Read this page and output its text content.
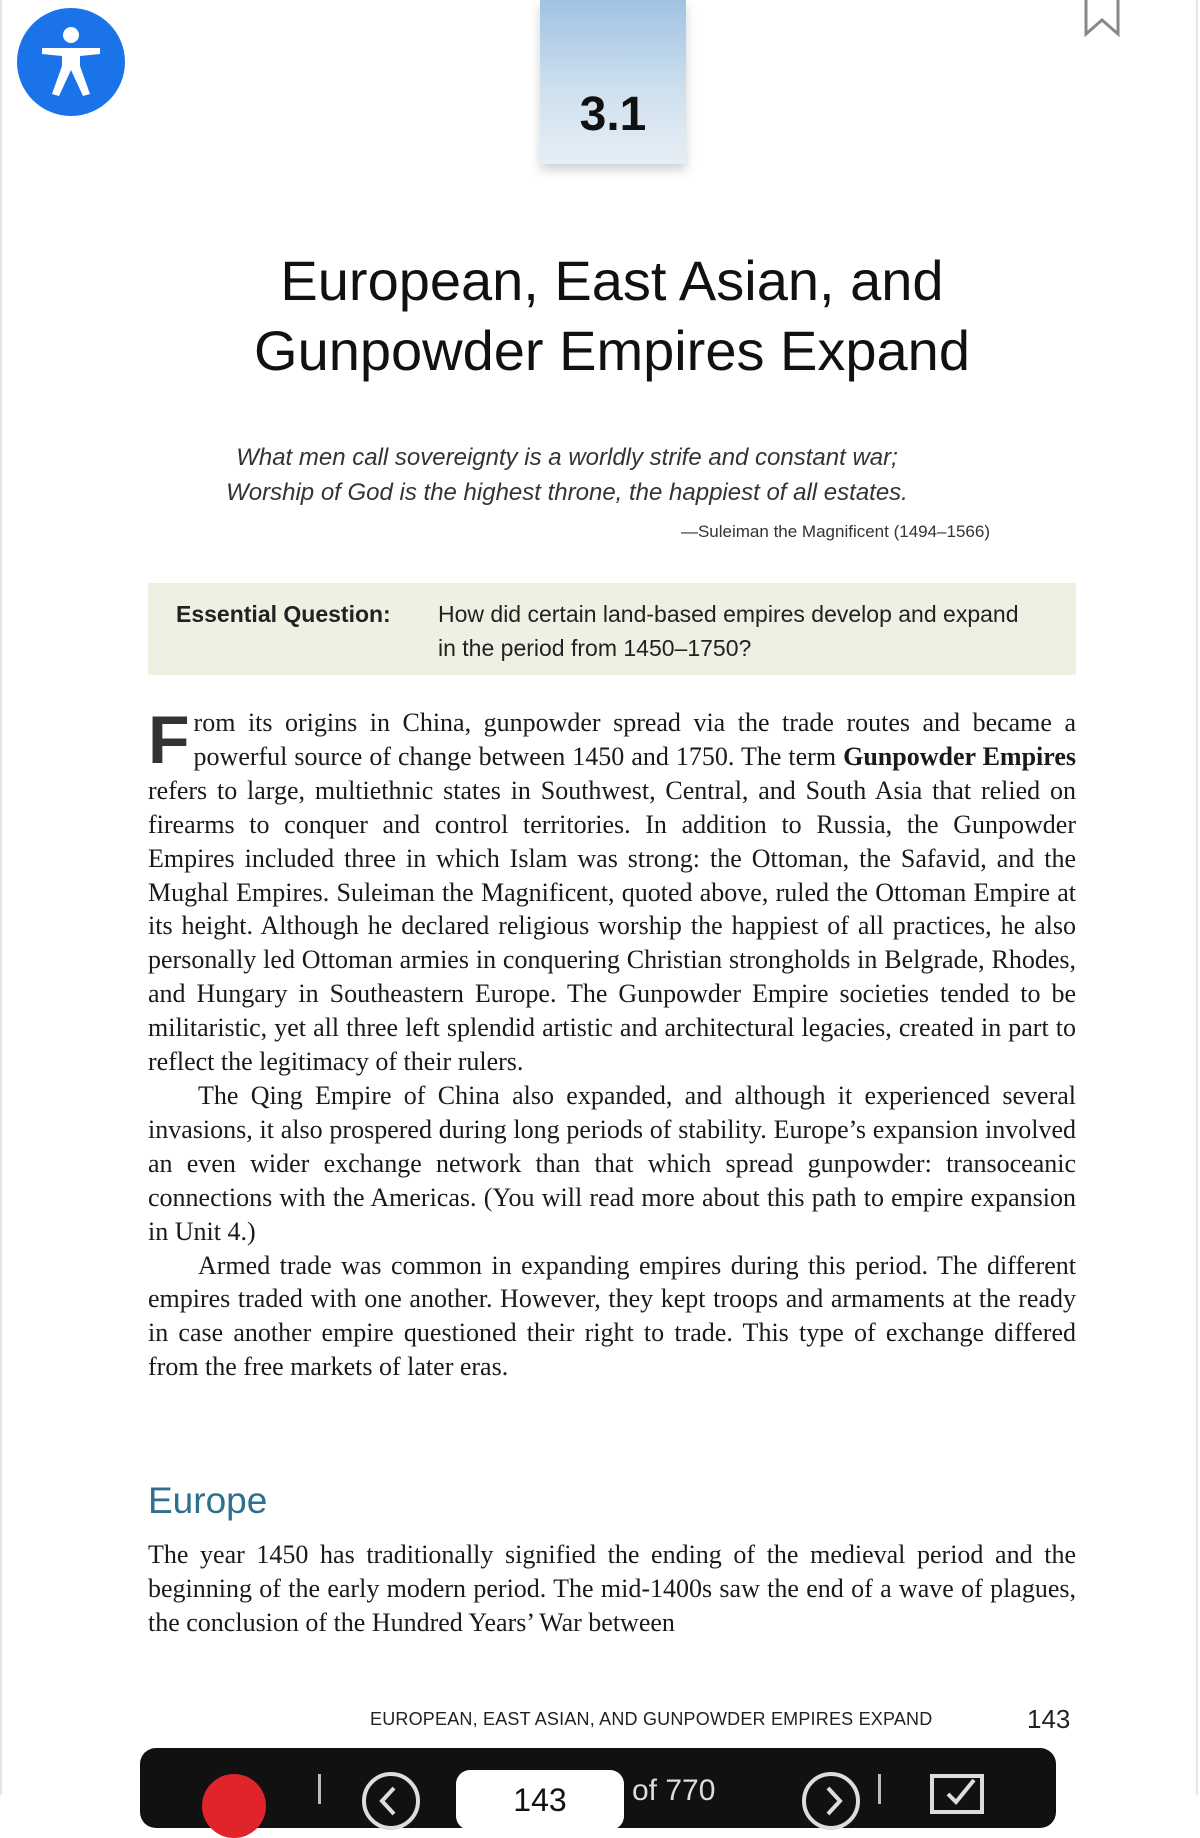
3.1
European, East Asian, and
Gunpowder Empires Expand
What men call sovereignty is a worldly strife and constant war;
Worship of God is the highest throne, the happiest of all estates.
—Suleiman the Magnificent (1494–1566)
Essential Question: How did certain land-based empires develop and expand in the period from 1450–1750?

From its origins in China, gunpowder spread via the trade routes and became a powerful source of change between 1450 and 1750. The term Gunpowder Empires refers to large, multiethnic states in Southwest, Central, and South Asia that relied on firearms to conquer and control territories. In addition to Russia, the Gunpowder Empires included three in which Islam was strong: the Ottoman, the Safavid, and the Mughal Empires. Suleiman the Magnificent, quoted above, ruled the Ottoman Empire at its height. Although he declared religious worship the happiest of all practices, he also personally led Ottoman armies in conquering Christian strongholds in Belgrade, Rhodes, and Hungary in Southeastern Europe. The Gunpowder Empire societies tended to be militaristic, yet all three left splendid artistic and architectural legacies, created in part to reflect the legitimacy of their rulers.

The Qing Empire of China also expanded, and although it experienced several invasions, it also prospered during long periods of stability. Europe’s expansion involved an even wider exchange network than that which spread gunpowder: transoceanic connections with the Americas. (You will read more about this path to empire expansion in Unit 4.)

Armed trade was common in expanding empires during this period. The different empires traded with one another. However, they kept troops and armaments at the ready in case another empire questioned their right to trade. This type of exchange differed from the free markets of later eras.

Europe

The year 1450 has traditionally signified the ending of the medieval period and the beginning of the early modern period. The mid-1400s saw the end of a wave of plagues, the conclusion of the Hundred Years’ War between

EUROPEAN, EAST ASIAN, AND GUNPOWDER EMPIRES EXPAND	143
143
of 770
